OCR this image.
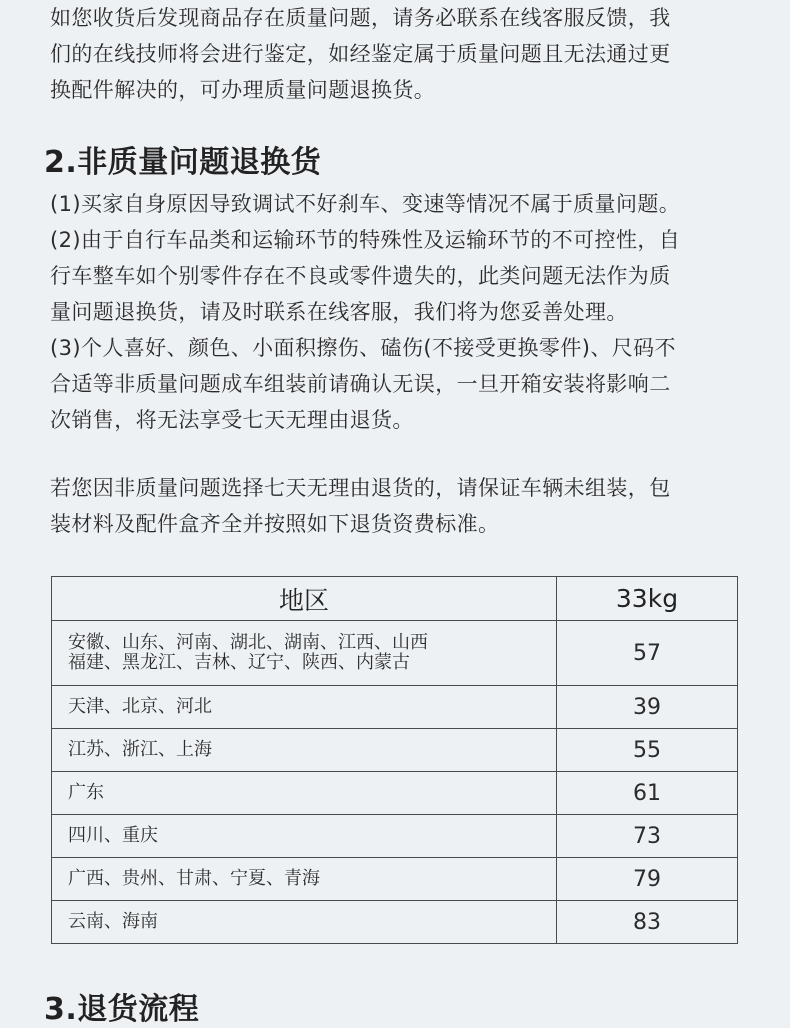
如您收货后发现商品存在质量问题，请务必联系在线客服反馈，我
们的在线技师将会进行鉴定，如经鉴定属于质量问题且无法通过更
换配件解决的，可办理质量问题退换货。
2.非质量问题退换货
(1)买家自身原因导致调试不好刹车、变速等情况不属于质量问题。
(2)由于自行车品类和运输环节的特殊性及运输环节的不可控性，自
行车整车如个别零件存在不良或零件遗失的，此类问题无法作为质
量问题退换货，请及时联系在线客服，我们将为您妥善处理。
(3)个人喜好、颜色、小面积擦伤、磕伤(不接受更换零件)、尺码不
合适等非质量问题成车组装前请确认无误，一旦开箱安装将影响二
次销售，将无法享受七天无理由退货。
若您因非质量问题选择七天无理由退货的，请保证车辆未组装，包
装材料及配件盒齐全并按照如下退货资费标准。
地区	33kg

安徽、山东、河南、湖北、湖南、江西、山西
福建、黑龙江、吉林、辽宁、陕西、内蒙古	57

天津、北京、河北	39

江苏、浙江、上海	55

广东	61

四川、重庆	73

广西、贵州、甘肃、宁夏、青海	79

云南、海南	83
3.退货流程
